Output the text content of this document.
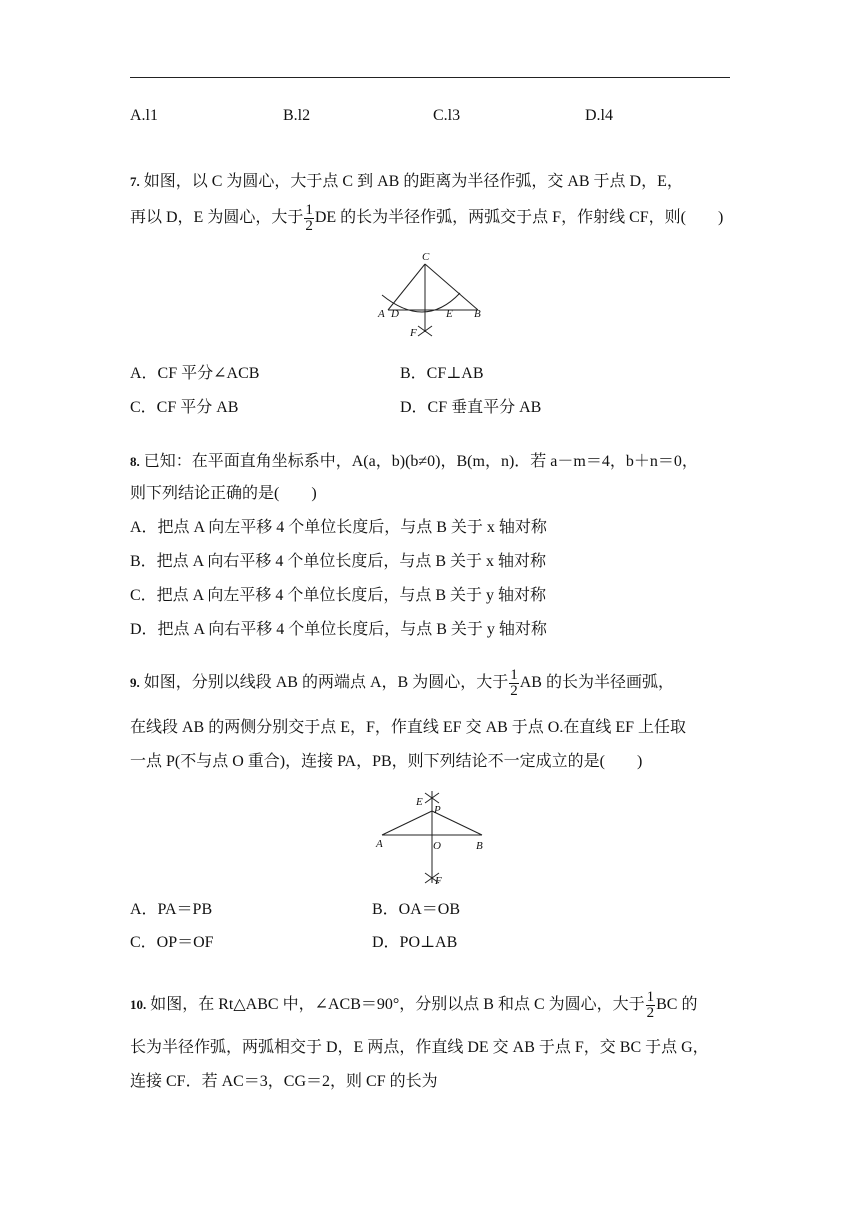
A.l1	B.l2	C.l3	D.l4
7. 如图，以 C 为圆心，大于点 C 到 AB 的距离为半径作弧，交 AB 于点 D，E，
再以 D，E 为圆心，大于 $\frac{1}{2}$ DE 的长为半径作弧，两弧交于点 F，作射线 CF，则(　　)
C
A D	E B
F
A．CF 平分∠ACB	B．CF⊥AB
C．CF 平分 AB	D．CF 垂直平分 AB
8. 已知：在平面直角坐标系中，A(a，b)(b≠0)，B(m，n)．若 a－m＝4，b＋n＝0，
则下列结论正确的是(　　)
A．把点 A 向左平移 4 个单位长度后，与点 B 关于 x 轴对称
B．把点 A 向右平移 4 个单位长度后，与点 B 关于 x 轴对称
C．把点 A 向左平移 4 个单位长度后，与点 B 关于 y 轴对称
D．把点 A 向右平移 4 个单位长度后，与点 B 关于 y 轴对称
9. 如图，分别以线段 AB 的两端点 A，B 为圆心，大于 $\frac{1}{2}$ AB 的长为半径画弧，
在线段 AB 的两侧分别交于点 E，F，作直线 EF 交 AB 于点 O.在直线 EF 上任取
一点 P(不与点 O 重合)，连接 PA，PB，则下列结论不一定成立的是(　　)
E
P
A	O	B
F
A．PA＝PB	B．OA＝OB
C．OP＝OF	D．PO⊥AB
10. 如图，在 Rt△ABC 中，∠ACB＝90°，分别以点 B 和点 C 为圆心，大于 $\frac{1}{2}$ BC 的
长为半径作弧，两弧相交于 D，E 两点，作直线 DE 交 AB 于点 F，交 BC 于点 G，
连接 CF．若 AC＝3，CG＝2，则 CF 的长为
